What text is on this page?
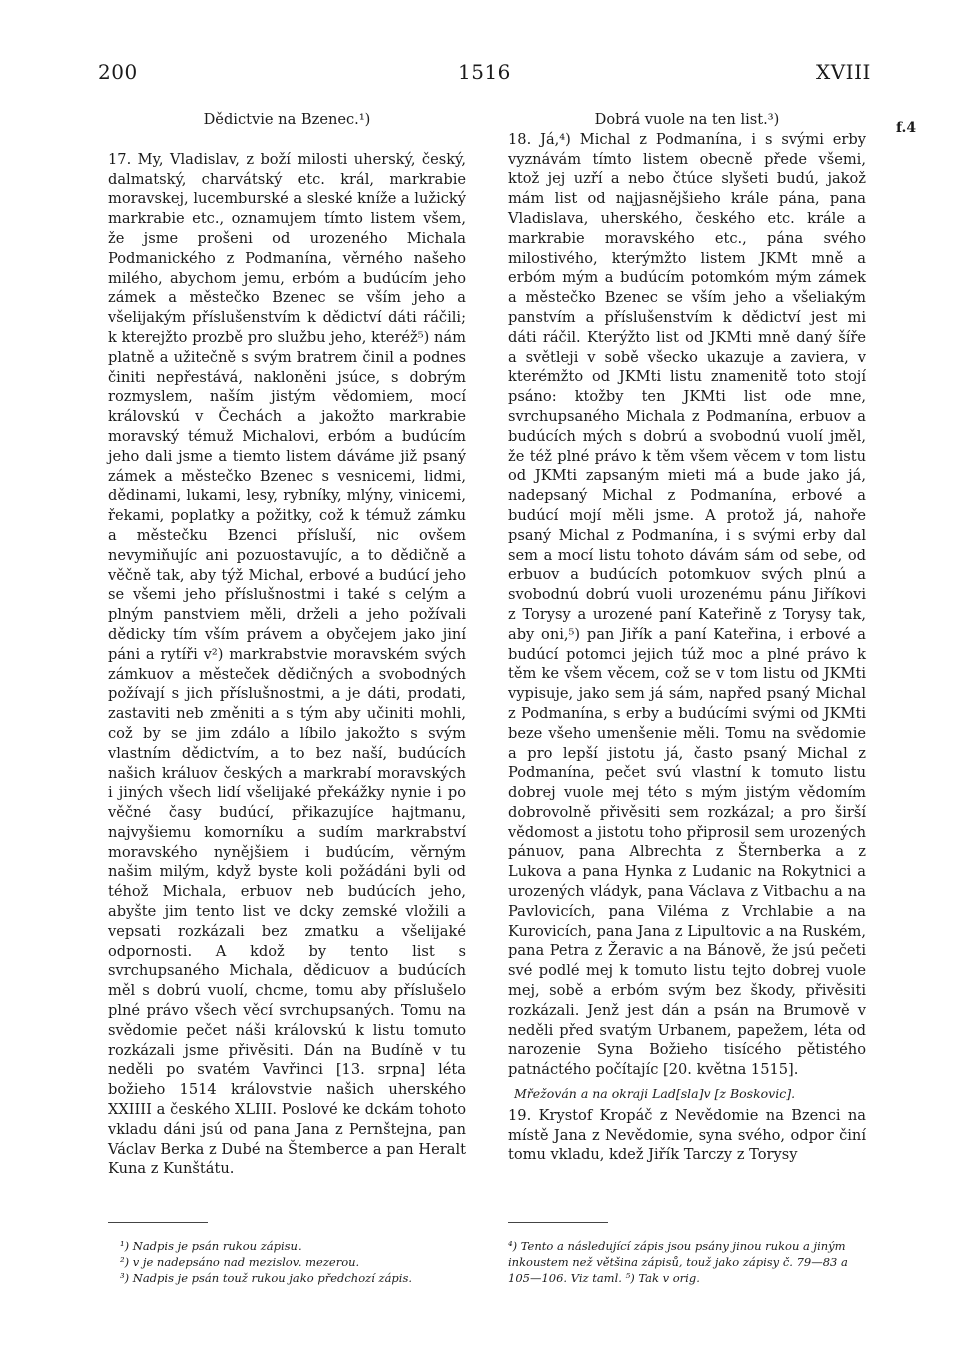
200	1516	XVIII
f.4

Dědictvie na Bzenec.¹)

17. My, Vladislav, z boží milosti uherský, český, dalmatský, charvátský etc. král, markrabie moravskej, lucemburské a sleské kníže a lužický markrabie etc., oznamujem tímto listem všem, že jsme prošeni od urozeného Michala Podmanického z Podmanína, věrného našeho milého, abychom jemu, erbóm a budúcím jeho zámek a městečko Bzenec se vším jeho a všelijakým příslušenstvím k dědictví dáti ráčili; k kterejžto prozbě pro službu jeho, kteréž⁵) nám platně a užitečně s svým bratrem činil a podnes činiti nepřestává, nakloněni jsúce, s dobrým rozmyslem, naším jistým vědomiem, mocí královskú v Čechách a jakožto markrabie moravský témuž Michalovi, erbóm a budúcím jeho dali jsme a tiemto listem dáváme již psaný zámek a městečko Bzenec s vesnicemi, lidmi, dědinami, lukami, lesy, rybníky, mlýny, vinicemi, řekami, poplatky a požitky, což k témuž zámku a městečku Bzenci přísluší, nic ovšem nevymiňujíc ani pozuostavujíc, a to dědičně a věčně tak, aby týž Michal, erbové a budúcí jeho se všemi jeho příslušnostmi i také s celým a plným panstviem měli, drželi a jeho požívali dědicky tím vším právem a obyčejem jako jiní páni a rytíři v²) markrabstvie moravském svých zámkuov a městeček dědičných a svobodných požívají s jich příslušnostmi, a je dáti, prodati, zastaviti neb změniti a s tým aby učiniti mohli, což by se jim zdálo a líbilo jakožto s svým vlastním dědictvím, a to bez naší, budúcích našich králuov českých a markrabí moravských i jiných všech lidí všelijaké překážky nynie i po věčné časy budúcí, přikazujíce hajtmanu, najvyšiemu komorníku a sudím markrabství moravského nynějšiem i budúcím, věrným našim milým, když byste koli požádáni byli od téhož Michala, erbuov neb budúcích jeho, abyšte jim tento list ve dcky zemské vložili a vepsati rozkázali bez zmatku a všelijaké odpornosti. A kdož by tento list s svrchupsaného Michala, dědicuov a budúcích měl s dobrú vuolí, chcme, tomu aby příslušelo plné právo všech věcí svrchupsaných. Tomu na svědomie pečet náši královskú k listu tomuto rozkázali jsme přivěsiti. Dán na Budíně v tu neděli po svatém Vavřinci [13. srpna] léta božieho 1514 královstvie našich uherského XXIIII a českého XLIII. Poslové ke dckám tohoto vkladu dáni jsú od pana Jana z Pernštejna, pan Václav Berka z Dubé na Štemberce a pan Heralt Kuna z Kunštátu.

Dobrá vuole na ten list.³)

18. Já,⁴) Michal z Podmanína, i s svými erby vyznávám tímto listem obecně přede všemi, ktož jej uzří a nebo čtúce slyšeti budú, jakož mám list od najjasnějšieho krále pána, pana Vladislava, uherského, českého etc. krále a markrabie moravského etc., pána svého milostivého, kterýmžto listem JKMt mně a erbóm mým a budúcím potomkóm mým zámek a městečko Bzenec se vším jeho a všeliakým panstvím a příslušenstvím k dědictví jest mi dáti ráčil. Kterýžto list od JKMti mně daný šíře a světleji v sobě všecko ukazuje a zaviera, v kterémžto od JKMti listu znamenitě toto stojí psáno: ktožby ten JKMti list ode mne, svrchupsaného Michala z Podmanína, erbuov a budúcích mých s dobrú a svobodnú vuolí jměl, že též plné právo k těm všem věcem v tom listu od JKMti zapsaným mieti má a bude jako já, nadepsaný Michal z Podmanína, erbové a budúcí mojí měli jsme. A protož já, nahoře psaný Michal z Podmanína, i s svými erby dal sem a mocí listu tohoto dávám sám od sebe, od erbuov a budúcích potomkuov svých plnú a svobodnú dobrú vuoli urozenému pánu Jiříkovi z Torysy a urozené paní Kateřině z Torysy tak, aby oni,⁵) pan Jiřík a paní Kateřina, i erbové a budúcí potomci jejich túž moc a plné právo k těm ke všem věcem, což se v tom listu od JKMti vypisuje, jako sem já sám, napřed psaný Michal z Podmanína, s erby a budúcími svými od JKMti beze všeho umenšenie měli. Tomu na svědomie a pro lepší jistotu já, často psaný Michal z Podmanína, pečet svú vlastní k tomuto listu dobrej vuole mej této s mým jistým vědomím dobrovolně přivěsiti sem rozkázal; a pro širší vědomost a jistotu toho připrosil sem urozených pánuov, pana Albrechta z Šternberka a z Lukova a pana Hynka z Ludanic na Rokytnici a urozených vládyk, pana Václava z Vitbachu a na Pavlovicích, pana Viléma z Vrchlabie a na Kurovicích, pana Jana z Lipultovic a na Ruském, pana Petra z Žeravic a na Bánově, že jsú pečeti své podlé mej k tomuto listu tejto dobrej vuole mej, sobě a erbóm svým bez škody, přivěsiti rozkázali. Jenž jest dán a psán na Brumově v neděli před svatým Urbanem, papežem, léta od narozenie Syna Božieho tisícého pětistého patnáctého počítajíc [20. května 1515].

Mřežován a na okraji Lad[sla]v [z Boskovic].

19. Krystof Kropáč z Nevědomie na Bzenci na místě Jana z Nevědomie, syna svého, odpor činí tomu vkladu, kdež Jiřík Tarczy z Torysy

¹) Nadpis je psán rukou zápisu.
²) v je nadepsáno nad mezislov. mezerou.
³) Nadpis je psán touž rukou jako předchozí zápis.
⁴) Tento a následující zápis jsou psány jinou rukou a jiným inkoustem než většina zápisů, touž jako zápisy č. 79—83 a 105—106. Viz taml. ⁵) Tak v orig.
